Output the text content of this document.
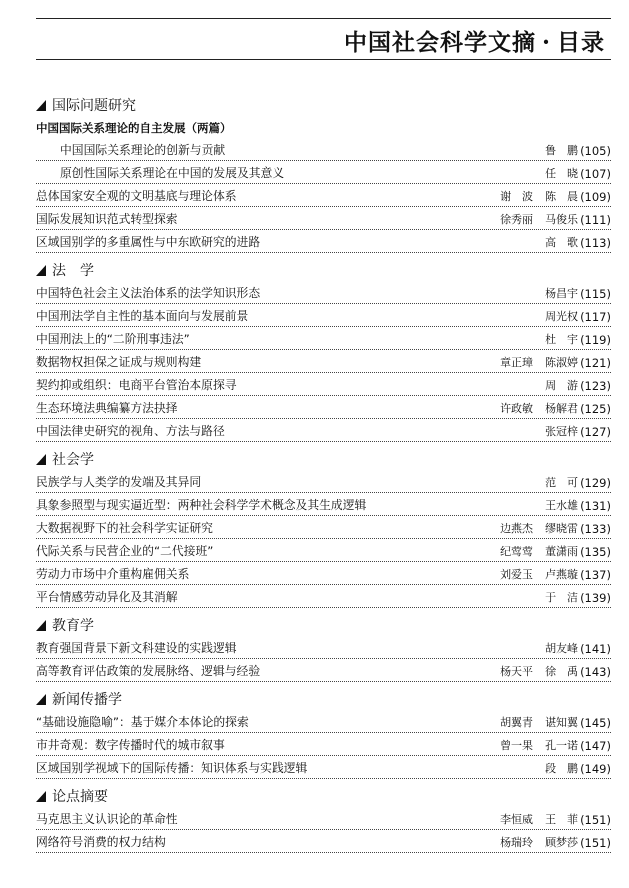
中国社会科学文摘 · 目录
国际问题研究
中国国际关系理论的自主发展（两篇）
中国国际关系理论的创新与贡献	鲁　鹏 (105)
原创性国际关系理论在中国的发展及其意义	任　晓 (107)
总体国家安全观的文明基底与理论体系	谢　波 陈　晨 (109)
国际发展知识范式转型探索	徐秀丽 马俊乐 (111)
区域国别学的多重属性与中东欧研究的进路	高　歌 (113)
法　学
中国特色社会主义法治体系的法学知识形态	杨昌宇 (115)
中国刑法学自主性的基本面向与发展前景	周光权 (117)
中国刑法上的“二阶刑事违法”	杜　宇 (119)
数据物权担保之证成与规则构建	章正璋 陈淑婷 (121)
契约抑或组织：电商平台管治本原探寻	周　游 (123)
生态环境法典编纂方法抉择	许政敏 杨解君 (125)
中国法律史研究的视角、方法与路径	张冠梓 (127)
社会学
民族学与人类学的发端及其异同	范　可 (129)
具象参照型与现实逼近型：两种社会科学学术概念及其生成逻辑	王水雄 (131)
大数据视野下的社会科学实证研究	边燕杰 缪晓雷 (133)
代际关系与民营企业的“二代接班”	纪莺莺 董潇雨 (135)
劳动力市场中介重构雇佣关系	刘爱玉 卢燕璇 (137)
平台情感劳动异化及其消解	于　洁 (139)
教育学
教育强国背景下新文科建设的实践逻辑	胡友峰 (141)
高等教育评估政策的发展脉络、逻辑与经验	杨天平 徐　禹 (143)
新闻传播学
“基础设施隐喻”：基于媒介本体论的探索	胡翼青 谌知翼 (145)
市井奇观：数字传播时代的城市叙事	曾一果 孔一诺 (147)
区域国别学视域下的国际传播：知识体系与实践逻辑	段　鹏 (149)
论点摘要
马克思主义认识论的革命性	李恒威 王　菲 (151)
网络符号消费的权力结构	杨瑞玲 顾梦莎 (151)
